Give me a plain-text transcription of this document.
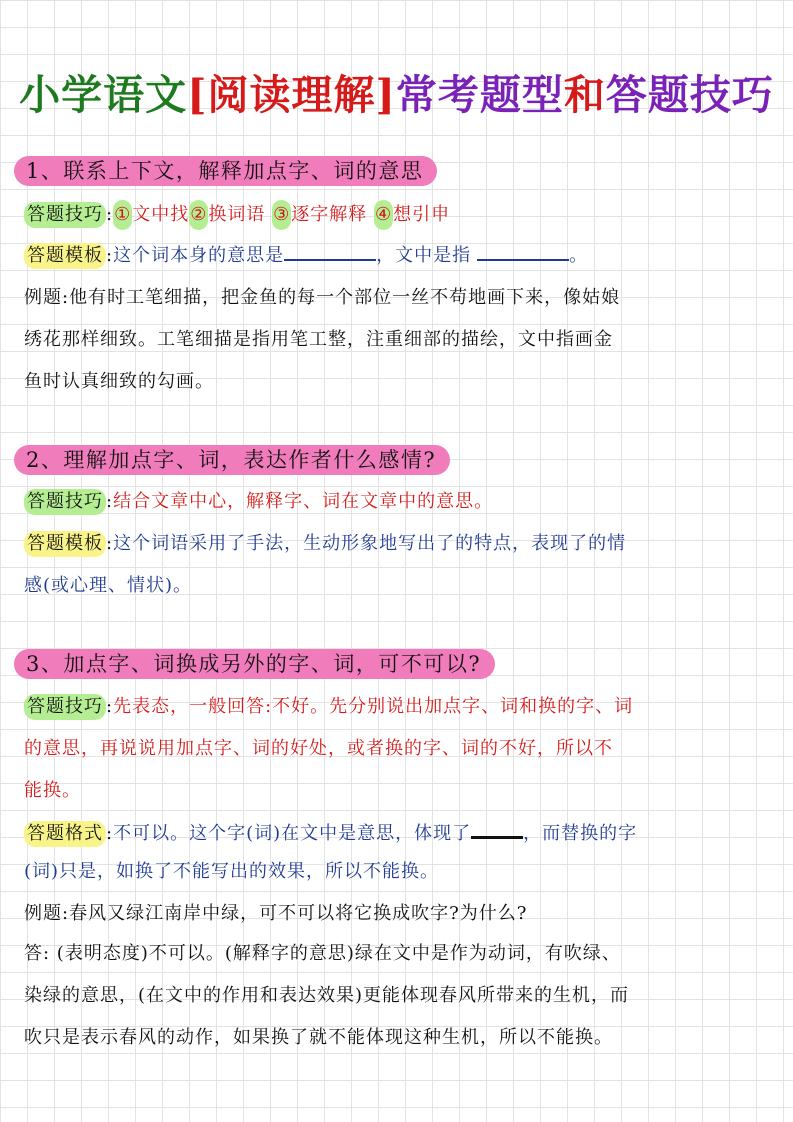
小学语文[阅读理解]常考题型和答题技巧
1、联系上下文，解释加点字、词的意思
答题技巧 :①文中找②换词语 ③逐字解释 ④想引申
答题模板 :这个词本身的意思是	，文中是指	。
例题:他有时工笔细描，把金鱼的每一个部位一丝不苟地画下来，像姑娘
绣花那样细致。工笔细描是指用笔工整，注重细部的描绘，文中指画金
鱼时认真细致的勾画。
2、理解加点字、词，表达作者什么感情?
答题技巧 :结合文章中心，解释字、词在文章中的意思。
答题模板 :这个词语采用了手法，生动形象地写出了的特点，表现了的情
感(或心理、情状)。
3、加点字、词换成另外的字、词，可不可以?
答题技巧 :先表态，一般回答:不好。先分别说出加点字、词和换的字、词
的意思，再说说用加点字、词的好处，或者换的字、词的不好，所以不
能换。
答题格式 :不可以。这个字(词)在文中是意思，体现了	，而替换的字
(词)只是，如换了不能写出的效果，所以不能换。
例题:春风又绿江南岸中绿，可不可以将它换成吹字?为什么?
答: (表明态度)不可以。(解释字的意思)绿在文中是作为动词，有吹绿、
染绿的意思，(在文中的作用和表达效果)更能体现春风所带来的生机，而
吹只是表示春风的动作，如果换了就不能体现这种生机，所以不能换。
